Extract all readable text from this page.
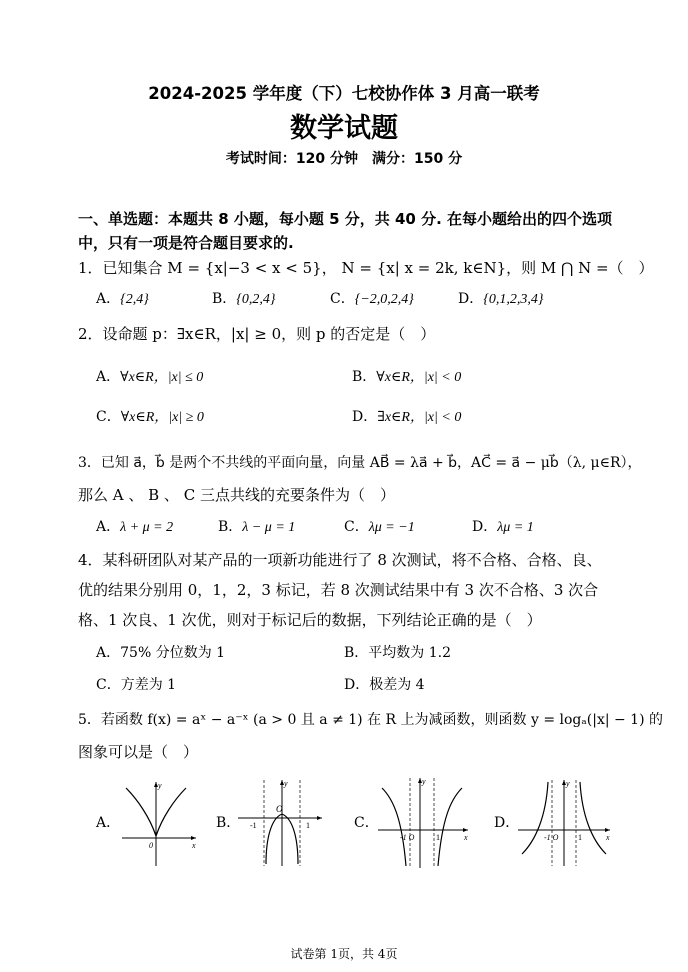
2024-2025 学年度（下）七校协作体 3 月高一联考
数学试题
考试时间：120 分钟　满分：150 分
一、单选题：本题共 8 小题，每小题 5 分，共 40 分. 在每小题给出的四个选项
中，只有一项是符合题目要求的.
1．已知集合 M = {x|−3 < x < 5}， N = {x| x = 2k, k∈N}，则 M ⋂ N =（　）
A．{2,4}	B．{0,2,4}	C．{−2,0,2,4}	D．{0,1,2,3,4}
2．设命题 p：∃x∈R，|x| ≥ 0，则 p 的否定是（　）
A．∀x∈R，|x| ≤ 0	B．∀x∈R，|x| < 0
C．∀x∈R，|x| ≥ 0	D．∃x∈R，|x| < 0
3．已知 a⃗，b⃗ 是两个不共线的平面向量，向量 AB⃗ = λa⃗ + b⃗，AC⃗ = a⃗ − μb⃗（λ, μ∈R），
那么 A 、 B 、 C 三点共线的充要条件为（　）
A．λ + μ = 2	B．λ − μ = 1	C．λμ = −1	D．λμ = 1
4．某科研团队对某产品的一项新功能进行了 8 次测试，将不合格、合格、良、
优的结果分别用 0，1，2，3 标记，若 8 次测试结果中有 3 次不合格、3 次合
格、1 次良、1 次优，则对于标记后的数据，下列结论正确的是（　）
A．75% 分位数为 1	B．平均数为 1.2
C．方差为 1	D．极差为 4
5．若函数 f(x) = aˣ − a⁻ˣ (a > 0 且 a ≠ 1) 在 R 上为减函数，则函数 y = logₐ(|x| − 1) 的
图象可以是（　）
A．	B．	C．	D．
y
x
0
y
O
-1	1
y
x
-1 O	1
y
x
-1 O 1
试卷第 1页，共 4页
